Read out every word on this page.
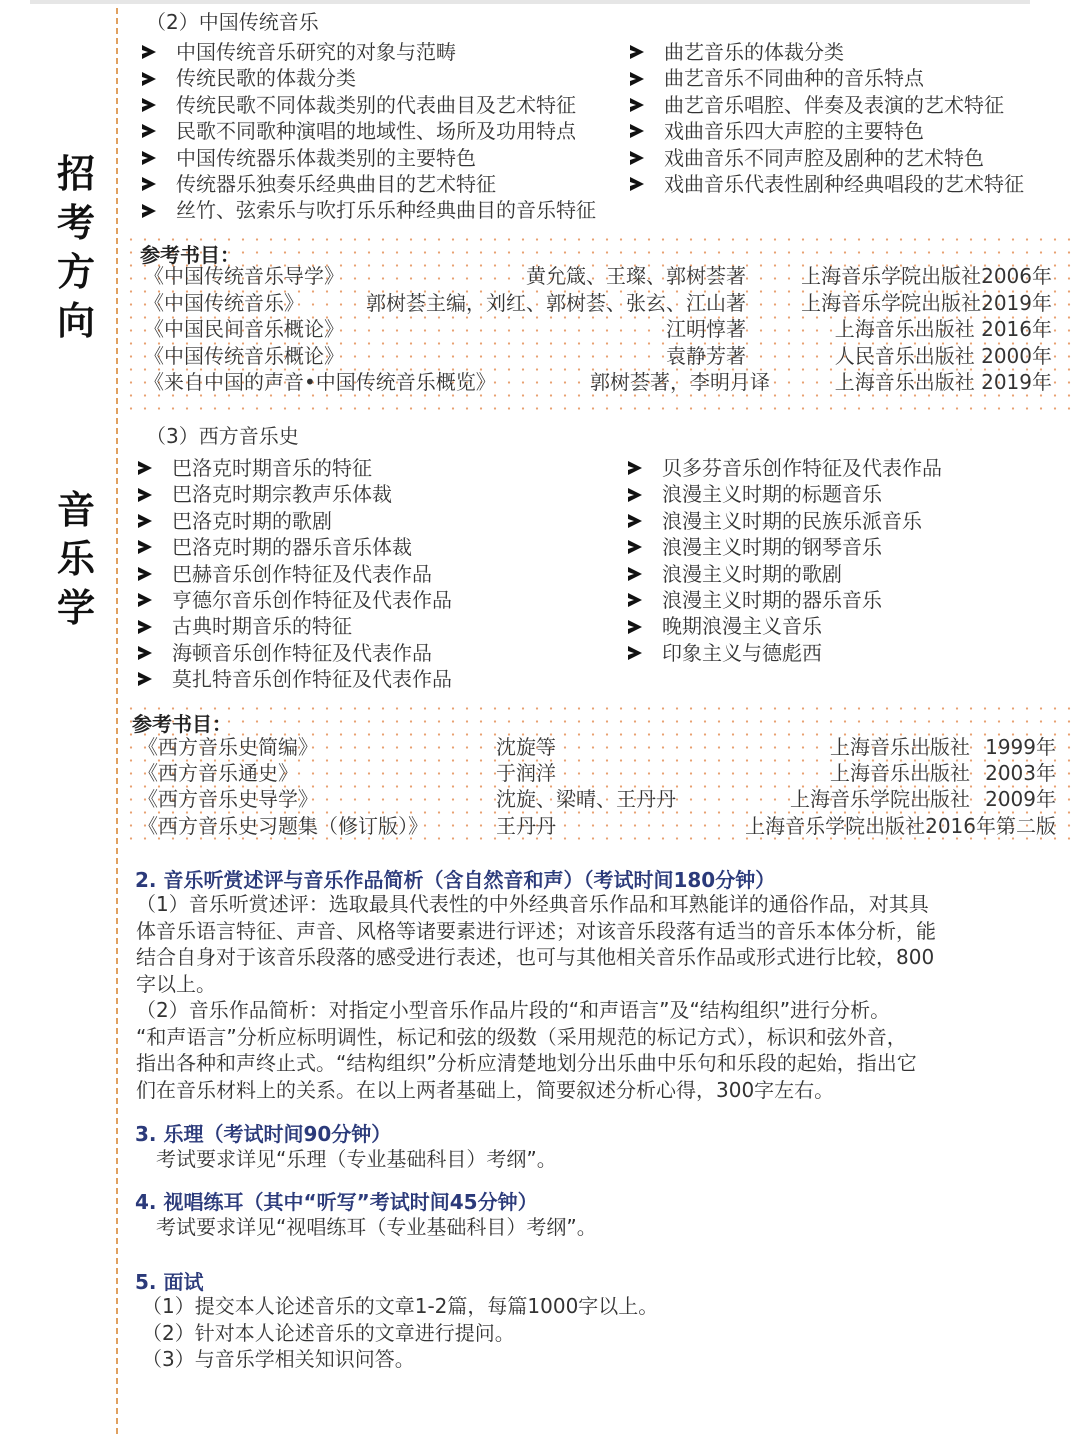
招
考
方
向
音
乐
学
（2）中国传统音乐
中国传统音乐研究的对象与范畴
传统民歌的体裁分类
传统民歌不同体裁类别的代表曲目及艺术特征
民歌不同歌种演唱的地域性、场所及功用特点
中国传统器乐体裁类别的主要特色
传统器乐独奏乐经典曲目的艺术特征
丝竹、弦索乐与吹打乐乐种经典曲目的音乐特征
曲艺音乐的体裁分类
曲艺音乐不同曲种的音乐特点
曲艺音乐唱腔、伴奏及表演的艺术特征
戏曲音乐四大声腔的主要特色
戏曲音乐不同声腔及剧种的艺术特色
戏曲音乐代表性剧种经典唱段的艺术特征
参考书目：
《中国传统音乐导学》	黄允箴、王璨、郭树荟著	上海音乐学院出版社2006年
《中国传统音乐》	郭树荟主编，刘红、郭树荟、张玄、江山著	上海音乐学院出版社2019年
《中国民间音乐概论》	江明惇著	上海音乐出版社 2016年
《中国传统音乐概论》	袁静芳著	人民音乐出版社 2000年
《来自中国的声音•中国传统音乐概览》	郭树荟著，李明月译	上海音乐出版社 2019年
（3）西方音乐史
巴洛克时期音乐的特征
巴洛克时期宗教声乐体裁
巴洛克时期的歌剧
巴洛克时期的器乐音乐体裁
巴赫音乐创作特征及代表作品
亨德尔音乐创作特征及代表作品
古典时期音乐的特征
海顿音乐创作特征及代表作品
莫扎特音乐创作特征及代表作品
贝多芬音乐创作特征及代表作品
浪漫主义时期的标题音乐
浪漫主义时期的民族乐派音乐
浪漫主义时期的钢琴音乐
浪漫主义时期的歌剧
浪漫主义时期的器乐音乐
晚期浪漫主义音乐
印象主义与德彪西
参考书目：
《西方音乐史简编》	沈旋等	上海音乐出版社 1999年
《西方音乐通史》	于润洋	上海音乐出版社 2003年
《西方音乐史导学》	沈旋、梁晴、王丹丹	上海音乐学院出版社 2009年
《西方音乐史习题集（修订版）》	王丹丹	上海音乐学院出版社2016年第二版
2. 音乐听赏述评与音乐作品简析（含自然音和声）（考试时间180分钟）
（1）音乐听赏述评：选取最具代表性的中外经典音乐作品和耳熟能详的通俗作品，对其具
体音乐语言特征、声音、风格等诸要素进行评述；对该音乐段落有适当的音乐本体分析，能
结合自身对于该音乐段落的感受进行表述，也可与其他相关音乐作品或形式进行比较，800
字以上。
（2）音乐作品简析：对指定小型音乐作品片段的“和声语言”及“结构组织”进行分析。
“和声语言”分析应标明调性，标记和弦的级数（采用规范的标记方式），标识和弦外音，
指出各种和声终止式。“结构组织”分析应清楚地划分出乐曲中乐句和乐段的起始，指出它
们在音乐材料上的关系。在以上两者基础上，简要叙述分析心得，300字左右。
3. 乐理（考试时间90分钟）
考试要求详见“乐理（专业基础科目）考纲”。
4. 视唱练耳（其中“听写”考试时间45分钟）
考试要求详见“视唱练耳（专业基础科目）考纲”。
5. 面试
（1）提交本人论述音乐的文章1-2篇，每篇1000字以上。
（2）针对本人论述音乐的文章进行提问。
（3）与音乐学相关知识问答。
